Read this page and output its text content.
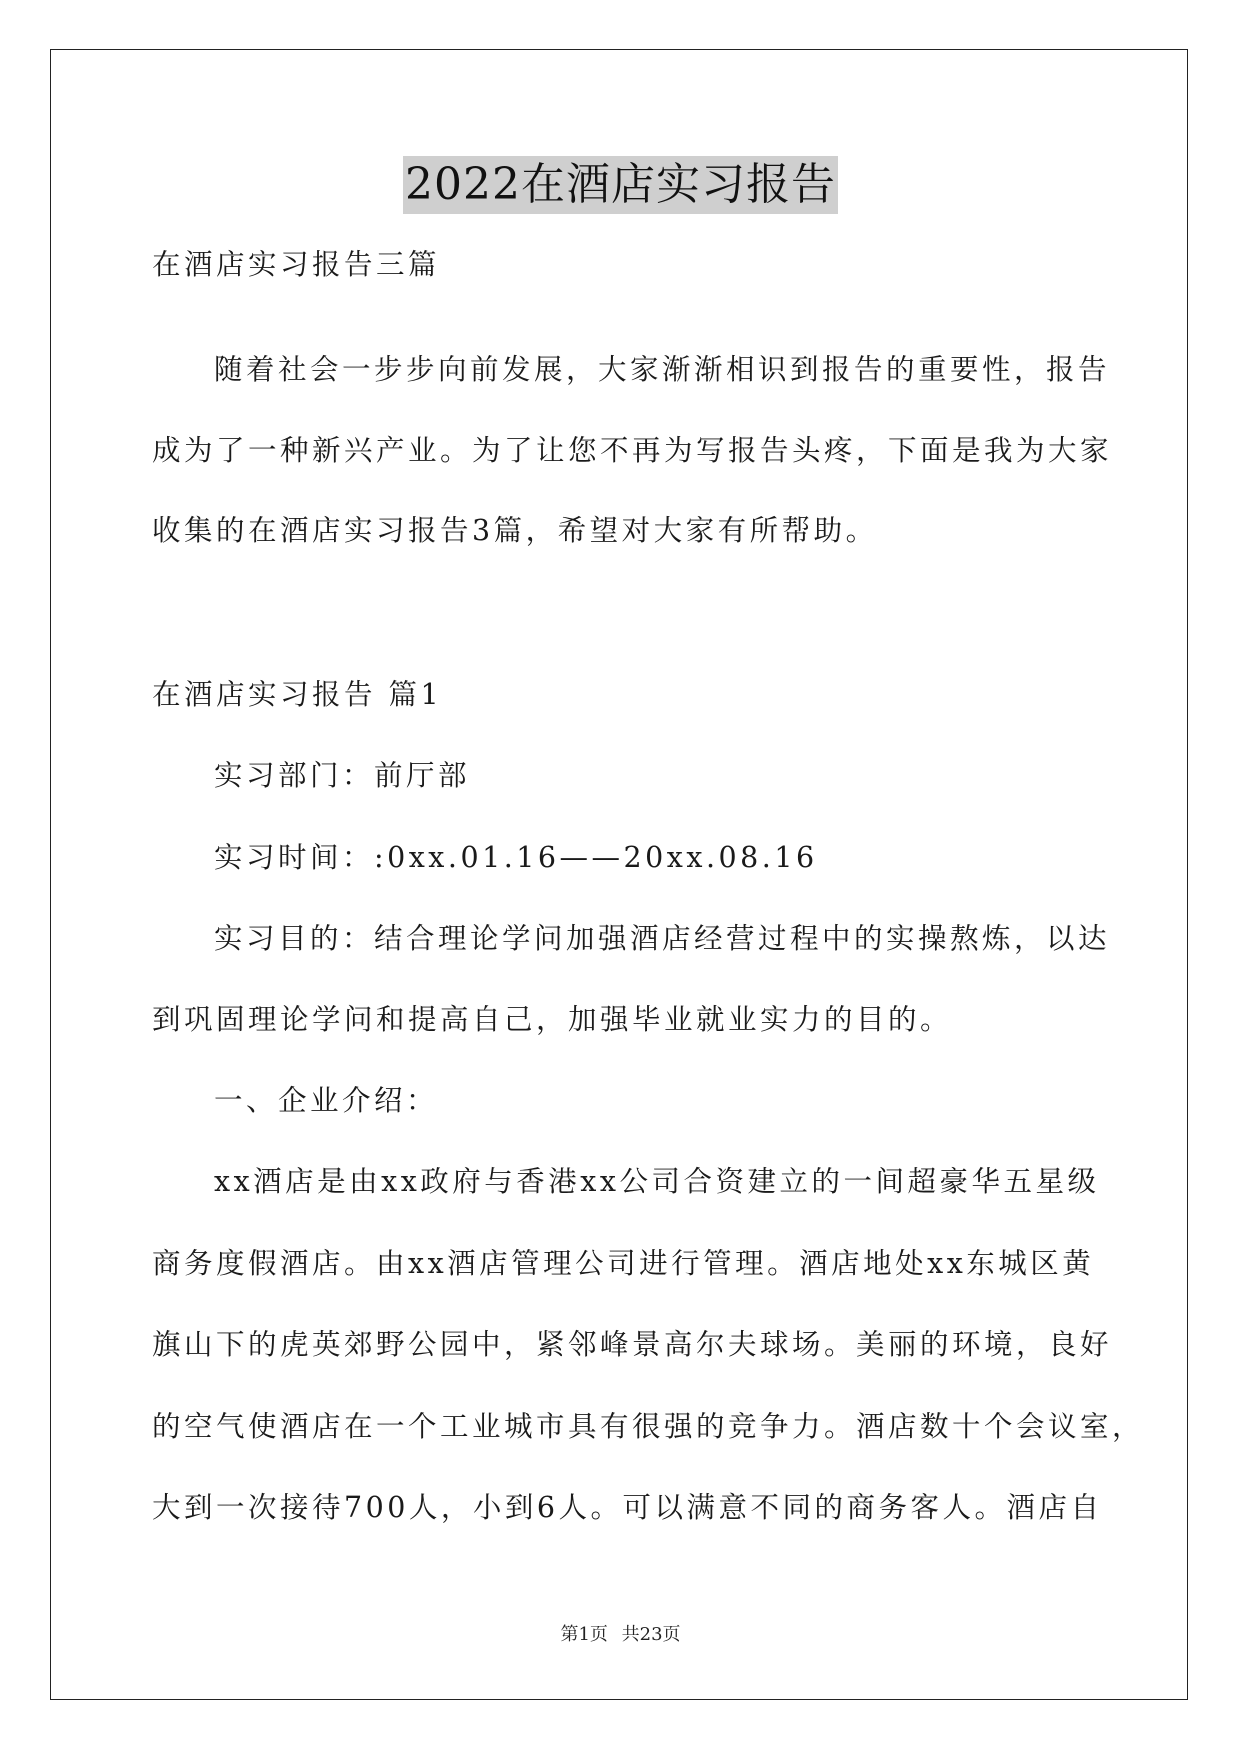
2022在酒店实习报告
在酒店实习报告三篇
随着社会一步步向前发展，大家渐渐相识到报告的重要性，报告
成为了一种新兴产业。为了让您不再为写报告头疼，下面是我为大家
收集的在酒店实习报告3篇，希望对大家有所帮助。
在酒店实习报告 篇1
实习部门：前厅部
实习时间：:0xx.01.16——20xx.08.16
实习目的：结合理论学问加强酒店经营过程中的实操熬炼，以达
到巩固理论学问和提高自己，加强毕业就业实力的目的。
一、企业介绍：
xx酒店是由xx政府与香港xx公司合资建立的一间超豪华五星级
商务度假酒店。由xx酒店管理公司进行管理。酒店地处xx东城区黄
旗山下的虎英郊野公园中，紧邻峰景高尔夫球场。美丽的环境，良好
的空气使酒店在一个工业城市具有很强的竞争力。酒店数十个会议室，
大到一次接待700人，小到6人。可以满意不同的商务客人。酒店自
第1页 共23页
